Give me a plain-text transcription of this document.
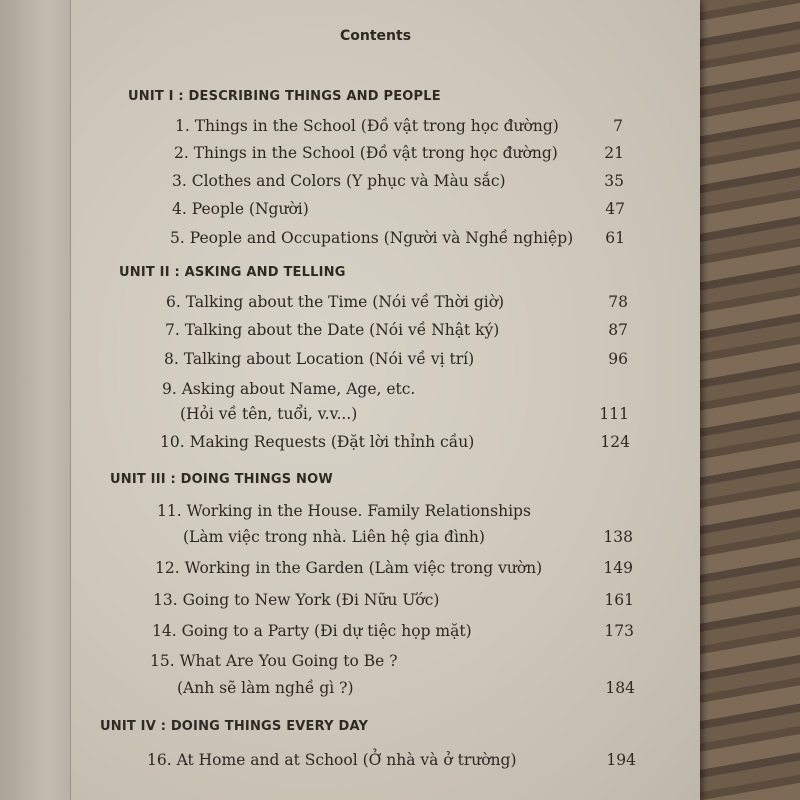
Contents
UNIT I : DESCRIBING THINGS AND PEOPLE
1. Things in the School (Đồ vật trong học đường)	7
2. Things in the School (Đồ vật trong học đường)	21
3. Clothes and Colors (Y phục và Màu sắc)	35
4. People (Người)	47
5. People and Occupations (Người và Nghề nghiệp) 61
UNIT II : ASKING AND TELLING
6. Talking about the Time (Nói về Thời giờ)	78
7. Talking about the Date (Nói về Nhật ký)	87
8. Talking about Location (Nói về vị trí)	96
9. Asking about Name, Age, etc.
(Hỏi về tên, tuổi, v.v...)	111
10. Making Requests (Đặt lời thỉnh cầu)	124
UNIT III : DOING THINGS NOW
11. Working in the House. Family Relationships
(Làm việc trong nhà. Liên hệ gia đình)	138
12. Working in the Garden (Làm việc trong vườn)	149
13. Going to New York (Đi Nữu Ước)	161
14. Going to a Party (Đi dự tiệc họp mặt)	173
15. What Are You Going to Be ?
(Anh sẽ làm nghề gì ?)	184
UNIT IV : DOING THINGS EVERY DAY
16. At Home and at School (Ở nhà và ở trường)	194
